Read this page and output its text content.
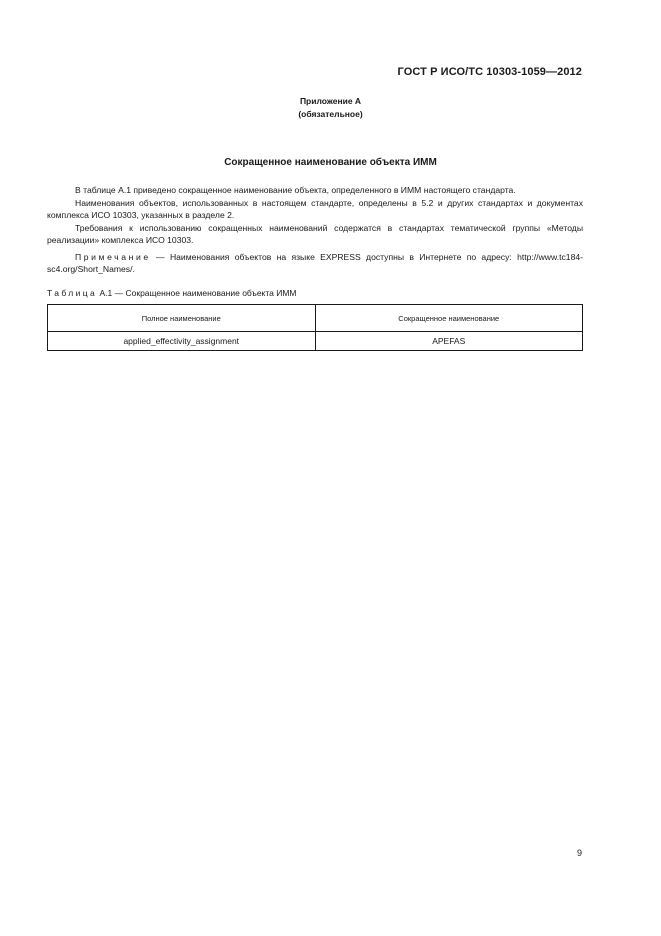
ГОСТ Р ИСО/ТС 10303-1059—2012
Приложение А
(обязательное)
Сокращенное наименование объекта ИММ

В таблице А.1 приведено сокращенное наименование объекта, определенного в ИММ настоящего стандарта.

Наименования объектов, использованных в настоящем стандарте, определены в 5.2 и других стандартах и документах комплекса ИСО 10303, указанных в разделе 2.

Требования к использованию сокращенных наименований содержатся в стандартах тематической группы «Методы реализации» комплекса ИСО 10303.

Примечание — Наименования объектов на языке EXPRESS доступны в Интернете по адресу: http://www.tc184-sc4.org/Short_Names/.

Таблица А.1 — Сокращенное наименование объекта ИММ
Полное наименование	Сокращенное наименование
applied_effectivity_assignment	APEFAS
9
